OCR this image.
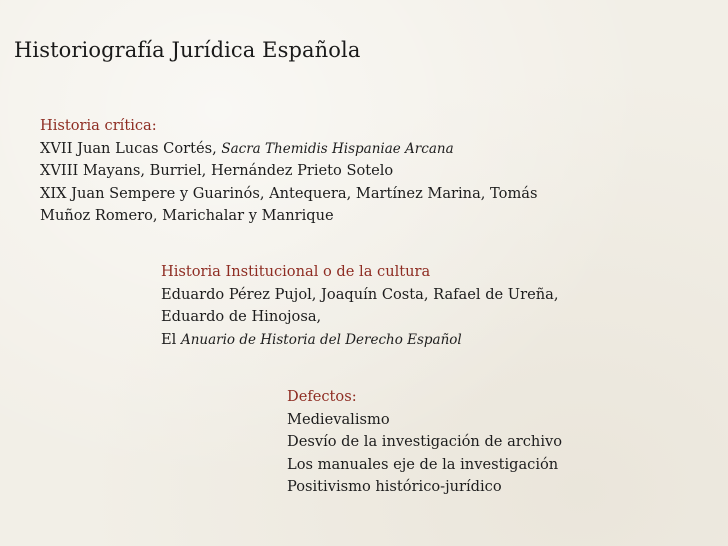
Historiografía Jurídica Española
Historia crítica:
XVII Juan Lucas Cortés, Sacra Themidis Hispaniae Arcana
XVIII Mayans, Burriel, Hernández Prieto Sotelo
XIX Juan Sempere y Guarinós, Antequera, Martínez Marina, Tomás
Muñoz Romero, Marichalar y Manrique
Historia Institucional o de la cultura
Eduardo Pérez Pujol, Joaquín Costa, Rafael de Ureña,
Eduardo de Hinojosa,
El Anuario de Historia del Derecho Español
Defectos:
Medievalismo
Desvío de la investigación de archivo
Los manuales eje de la investigación
Positivismo histórico-jurídico
